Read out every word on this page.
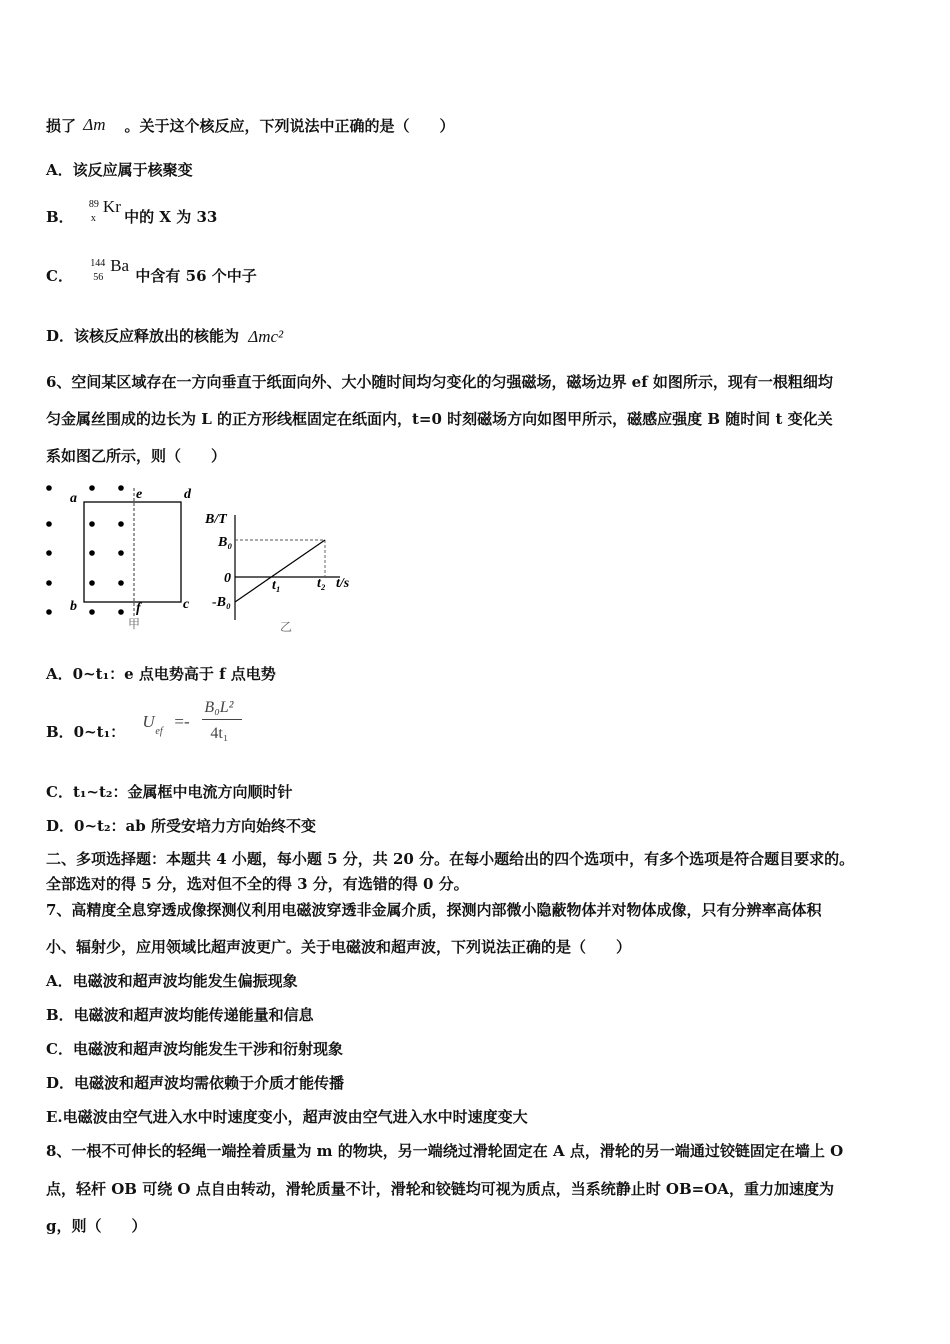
损了 Δm 。关于这个核反应，下列说法中正确的是（　　）
A．该反应属于核聚变
B．
89
x
Kr
中的 X 为 33
C．
144
56
Ba
中含有 56 个中子
D．该核反应释放出的核能为 Δmc²
6、空间某区域存在一方向垂直于纸面向外、大小随时间均匀变化的匀强磁场，磁场边界 ef 如图所示，现有一根粗细均
匀金属丝围成的边长为 L 的正方形线框固定在纸面内，t=0 时刻磁场方向如图甲所示，磁感应强度 B 随时间 t 变化关
系如图乙所示，则（　　）
a	e	d
b	f	c
甲
B/T
B₀
0
-B₀
t₁	t₂ t/s
乙
A．0~t₁：e 点电势高于 f 点电势
B．0~t₁：
U
ef
=-
B₀L²
4t₁
C．t₁~t₂：金属框中电流方向顺时针
D．0~t₂：ab 所受安培力方向始终不变
二、多项选择题：本题共 4 小题，每小题 5 分，共 20 分。在每小题给出的四个选项中，有多个选项是符合题目要求的。
全部选对的得 5 分，选对但不全的得 3 分，有选错的得 0 分。
7、高精度全息穿透成像探测仪利用电磁波穿透非金属介质，探测内部微小隐蔽物体并对物体成像，只有分辨率高体积
小、辐射少，应用领域比超声波更广。关于电磁波和超声波，下列说法正确的是（　　）
A．电磁波和超声波均能发生偏振现象
B．电磁波和超声波均能传递能量和信息
C．电磁波和超声波均能发生干涉和衍射现象
D．电磁波和超声波均需依赖于介质才能传播
E.电磁波由空气进入水中时速度变小，超声波由空气进入水中时速度变大
8、一根不可伸长的轻绳一端拴着质量为 m 的物块，另一端绕过滑轮固定在 A 点，滑轮的另一端通过铰链固定在墙上 O
点，轻杆 OB 可绕 O 点自由转动，滑轮质量不计，滑轮和铰链均可视为质点，当系统静止时 OB=OA，重力加速度为
g，则（　　）
